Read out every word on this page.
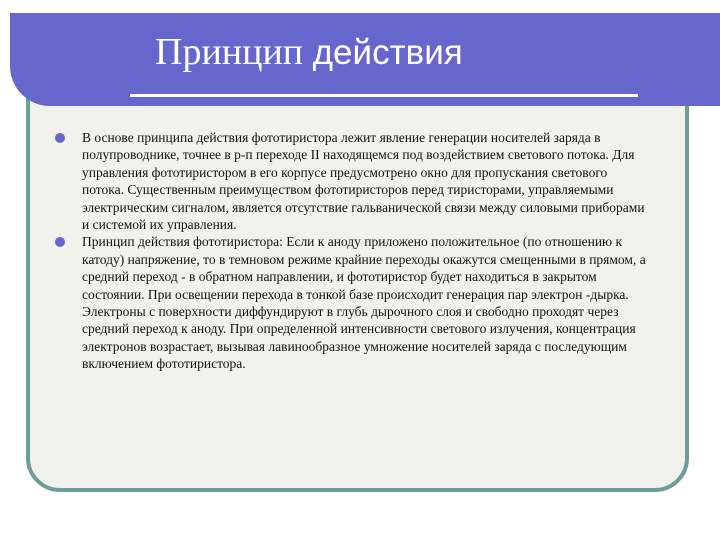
Принцип действия
В основе принципа действия фототиристора лежит явление генерации носителей заряда в полупроводнике, точнее в р-п переходе II находящемся под воздействием светового потока. Для управления фототиристором в его корпусе предусмотрено окно для пропускания светового потока. Существенным преимуществом фототиристоров перед тиристорами, управляемыми электрическим сигналом, является отсутствие гальванической связи между силовыми приборами и системой их управления.
Принцип действия фототиристора: Если к аноду приложено положительное (по отношению к катоду) напряжение, то в темновом режиме крайние переходы окажутся смещенными в прямом, а средний переход - в обратном направлении, и фототиристор будет находиться в закрытом состоянии. При освещении перехода в тонкой базе происходит генерация пар электрон -дырка. Электроны с поверхности диффундируют в глубь дырочного слоя и свободно проходят через средний переход к аноду. При определенной интенсивности светового излучения, концентрация электронов возрастает, вызывая лавинообразное умножение носителей заряда с последующим включением фототиристора.
